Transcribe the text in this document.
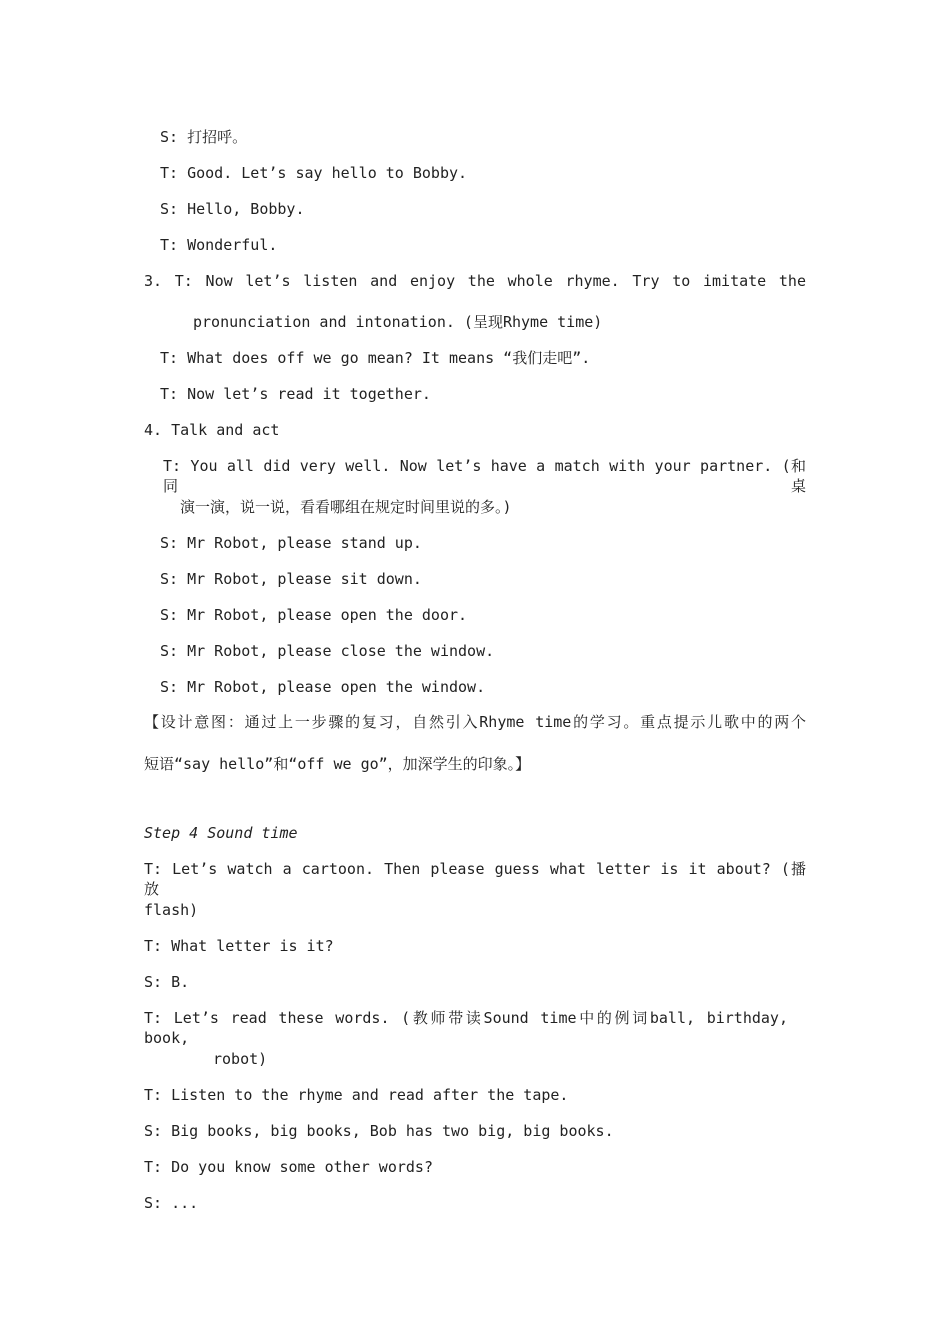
S: 打招呼。
T: Good. Let’s say hello to Bobby.
S: Hello, Bobby.
T: Wonderful.
3. T: Now let’s listen and enjoy the whole rhyme. Try to imitate the
pronunciation and intonation. (呈现Rhyme time)
T: What does off we go mean? It means “我们走吧”.
T: Now let’s read it together.
4. Talk and act
T: You all did very well. Now let’s have a match with your partner. (和同桌
演一演，说一说，看看哪组在规定时间里说的多。)
S: Mr Robot, please stand up.
S: Mr Robot, please sit down.
S: Mr Robot, please open the door.
S: Mr Robot, please close the window.
S: Mr Robot, please open the window.
【设计意图：通过上一步骤的复习，自然引入Rhyme time的学习。重点提示儿歌中的两个
短语“say hello”和“off we go”，加深学生的印象。】
Step 4 Sound time
T: Let’s watch a cartoon. Then please guess what letter is it about? (播放
flash)
T: What letter is it?
S: B.
T: Let’s read these words. (教师带读Sound time中的例词ball, birthday, book,
robot)
T: Listen to the rhyme and read after the tape.
S: Big books, big books, Bob has two big, big books.
T: Do you know some other words?
S: ...
